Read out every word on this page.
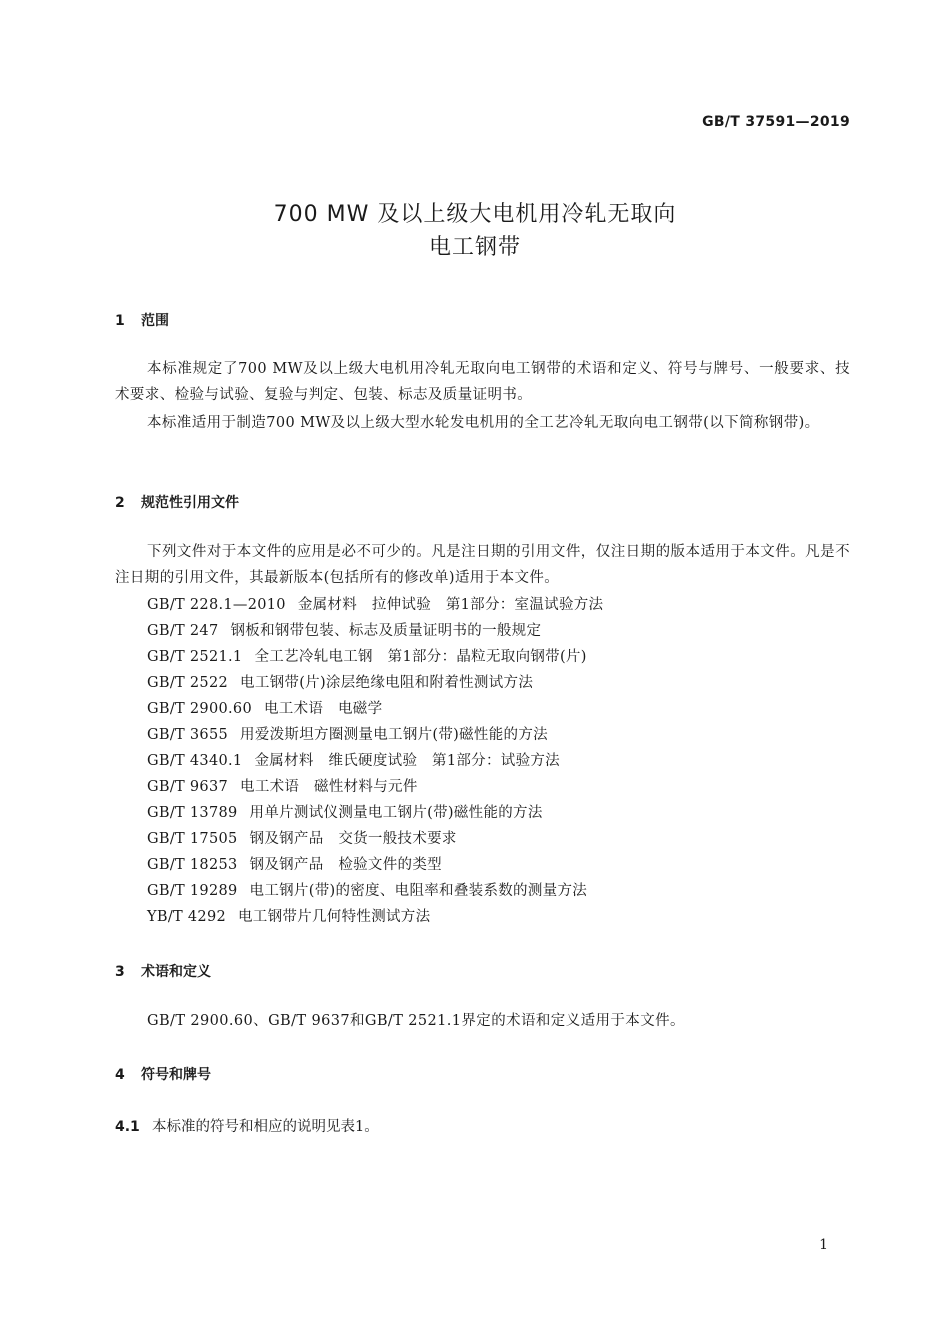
GB/T 37591—2019
700 MW 及以上级大电机用冷轧无取向
电工钢带
1 范围

本标准规定了700 MW及以上级大电机用冷轧无取向电工钢带的术语和定义、符号与牌号、一般要求、技术要求、检验与试验、复验与判定、包装、标志及质量证明书。

本标准适用于制造700 MW及以上级大型水轮发电机用的全工艺冷轧无取向电工钢带(以下简称钢带)。

2 规范性引用文件

下列文件对于本文件的应用是必不可少的。凡是注日期的引用文件，仅注日期的版本适用于本文件。凡是不注日期的引用文件，其最新版本(包括所有的修改单)适用于本文件。

GB/T 228.1—2010 金属材料　拉伸试验　第1部分：室温试验方法
GB/T 247 钢板和钢带包装、标志及质量证明书的一般规定
GB/T 2521.1 全工艺冷轧电工钢　第1部分：晶粒无取向钢带(片)
GB/T 2522 电工钢带(片)涂层绝缘电阻和附着性测试方法
GB/T 2900.60 电工术语　电磁学
GB/T 3655 用爱泼斯坦方圈测量电工钢片(带)磁性能的方法
GB/T 4340.1 金属材料　维氏硬度试验　第1部分：试验方法
GB/T 9637 电工术语　磁性材料与元件
GB/T 13789 用单片测试仪测量电工钢片(带)磁性能的方法
GB/T 17505 钢及钢产品　交货一般技术要求
GB/T 18253 钢及钢产品　检验文件的类型
GB/T 19289 电工钢片(带)的密度、电阻率和叠装系数的测量方法
YB/T 4292 电工钢带片几何特性测试方法
3 术语和定义

GB/T 2900.60、GB/T 9637和GB/T 2521.1界定的术语和定义适用于本文件。

4 符号和牌号
4.1 本标准的符号和相应的说明见表1。
1
